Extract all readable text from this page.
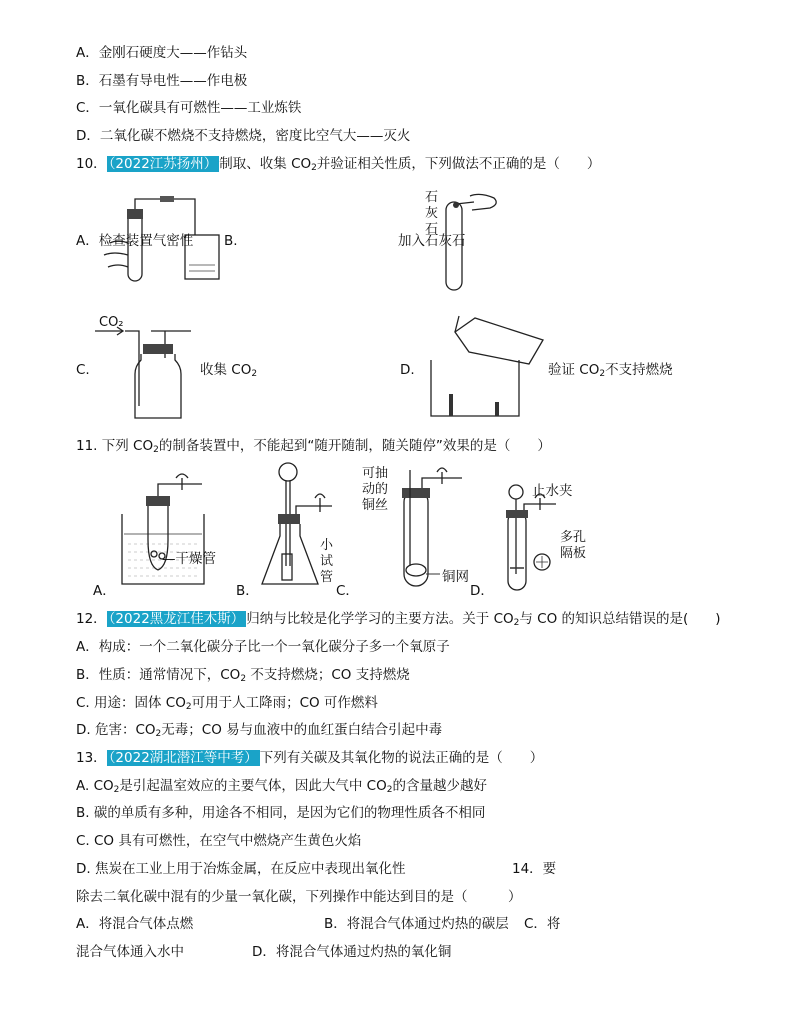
A．金刚石硬度大——作钻头
B．石墨有导电性——作电极
C．一氧化碳具有可燃性——工业炼铁
D．二氧化碳不燃烧不支持燃烧，密度比空气大——灭火
10． （2022江苏扬州） 制取、收集 $CO_2$并验证相关性质，下列做法不正确的是（　　）
A．检查装置气密性 B.
石灰石
加入石灰石
CO₂
C.	收集 $CO_2$	D.	验证 $CO_2$不支持燃烧
11. 下列 $CO_2$的制备装置中，不能起到“随开随制，随关随停”效果的是（　　）
—干燥管
A．
小试管
B．
可抽动的铜丝
铜网
C．
止水夹
多孔隔板
D．
12． （2022黑龙江佳木斯） 归纳与比较是化学学习的主要方法。关于 $CO_2$与 CO 的知识总结错误的是(　　)
A．构成：一个二氧化碳分子比一个一氧化碳分子多一个氧原子
B．性质：通常情况下，$CO_2$ 不支持燃烧；CO 支持燃烧
C. 用途：固体 $CO_2$可用于人工降雨；CO 可作燃料
D. 危害：$CO_2$无毒；CO 易与血液中的血红蛋白结合引起中毒
13． （2022湖北潜江等中考） 下列有关碳及其氧化物的说法正确的是（　　）
A. $CO_2$是引起温室效应的主要气体，因此大气中 $CO_2$的含量越少越好
B. 碳的单质有多种，用途各不相同，是因为它们的物理性质各不相同
C. CO 具有可燃性，在空气中燃烧产生黄色火焰
D. 焦炭在工业上用于冶炼金属，在反应中表现出氧化性	14．要
除去二氧化碳中混有的少量一氧化碳，下列操作中能达到目的是（　　　）
A．将混合气体点燃	B．将混合气体通过灼热的碳层 C．将
混合气体通入水中	D．将混合气体通过灼热的氧化铜
